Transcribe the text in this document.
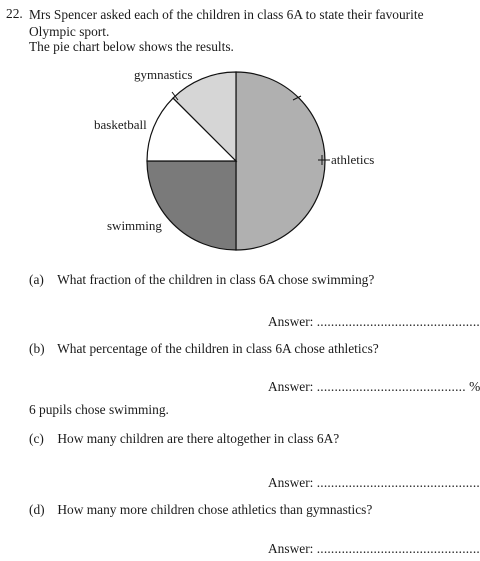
22. Mrs Spencer asked each of the children in class 6A to state their favourite Olympic sport.
The pie chart below shows the results.
gymnastics
basketball
athletics
swimming
(a) What fraction of the children in class 6A chose swimming?
Answer: ..............................................
(b) What percentage of the children in class 6A chose athletics?
Answer: .......................................... %
6 pupils chose swimming.
(c) How many children are there altogether in class 6A?
Answer: ..............................................
(d) How many more children chose athletics than gymnastics?
Answer: ..............................................
